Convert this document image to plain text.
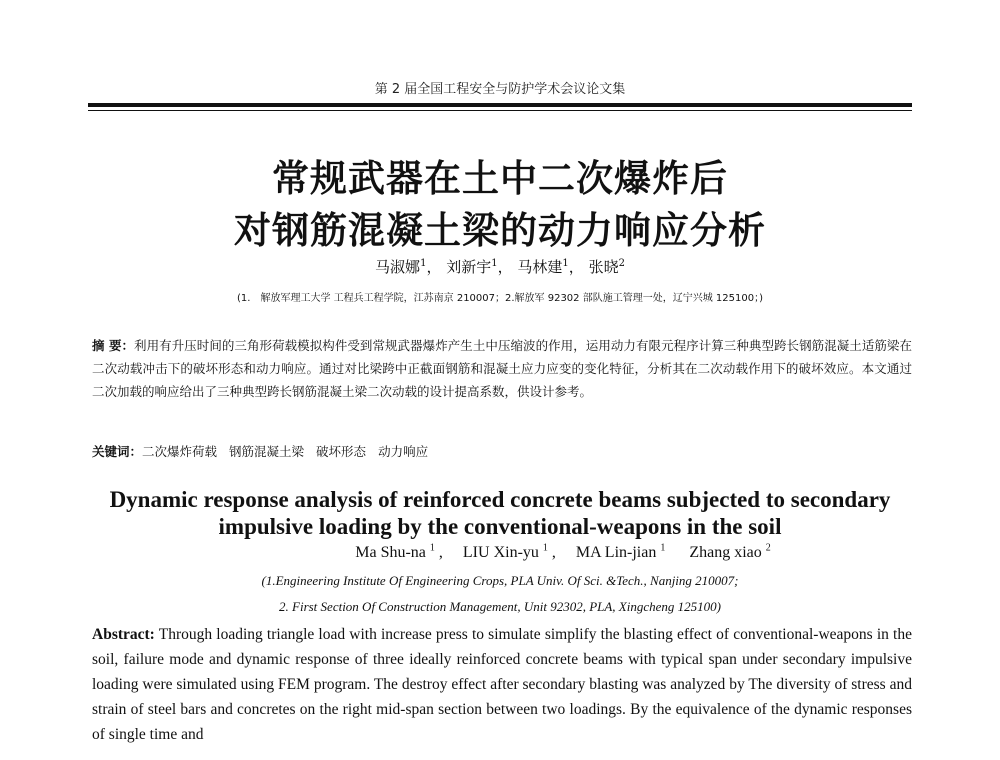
第 2 届全国工程安全与防护学术会议论文集
常规武器在土中二次爆炸后
对钢筋混凝土梁的动力响应分析
马淑娜$^1$， 刘新宇$^1$， 马林建$^1$， 张晓$^2$
(1.　解放军理工大学 工程兵工程学院，江苏南京 210007；2.解放军 92302 部队施工管理一处，辽宁兴城 125100；)
摘 要：利用有升压时间的三角形荷载模拟构件受到常规武器爆炸产生土中压缩波的作用，运用动力有限元程序计算三种典型跨长钢筋混凝土适筋梁在二次动载冲击下的破坏形态和动力响应。通过对比梁跨中正截面钢筋和混凝土应力应变的变化特征，分析其在二次动载作用下的破坏效应。本文通过二次加载的响应给出了三种典型跨长钢筋混凝土梁二次动载的设计提高系数，供设计参考。
关键词：二次爆炸荷载 钢筋混凝土梁 破坏形态 动力响应
Dynamic response analysis of reinforced concrete beams subjected to secondary
impulsive loading by the conventional-weapons in the soil
Ma Shu-na $^1$ , LIU Xin-yu $^1$ , MA Lin-jian $^1$ Zhang xiao $^2$
(1.Engineering Institute Of Engineering Crops, PLA Univ. Of Sci. &Tech., Nanjing 210007;
2. First Section Of Construction Management, Unit 92302, PLA, Xingcheng 125100)
Abstract: Through loading triangle load with increase press to simulate simplify the blasting effect of conventional-weapons in the soil, failure mode and dynamic response of three ideally reinforced concrete beams with typical span under secondary impulsive loading were simulated using FEM program. The destroy effect after secondary blasting was analyzed by The diversity of stress and strain of steel bars and concretes on the right mid-span section between two loadings. By the equivalence of the dynamic responses of single time and
